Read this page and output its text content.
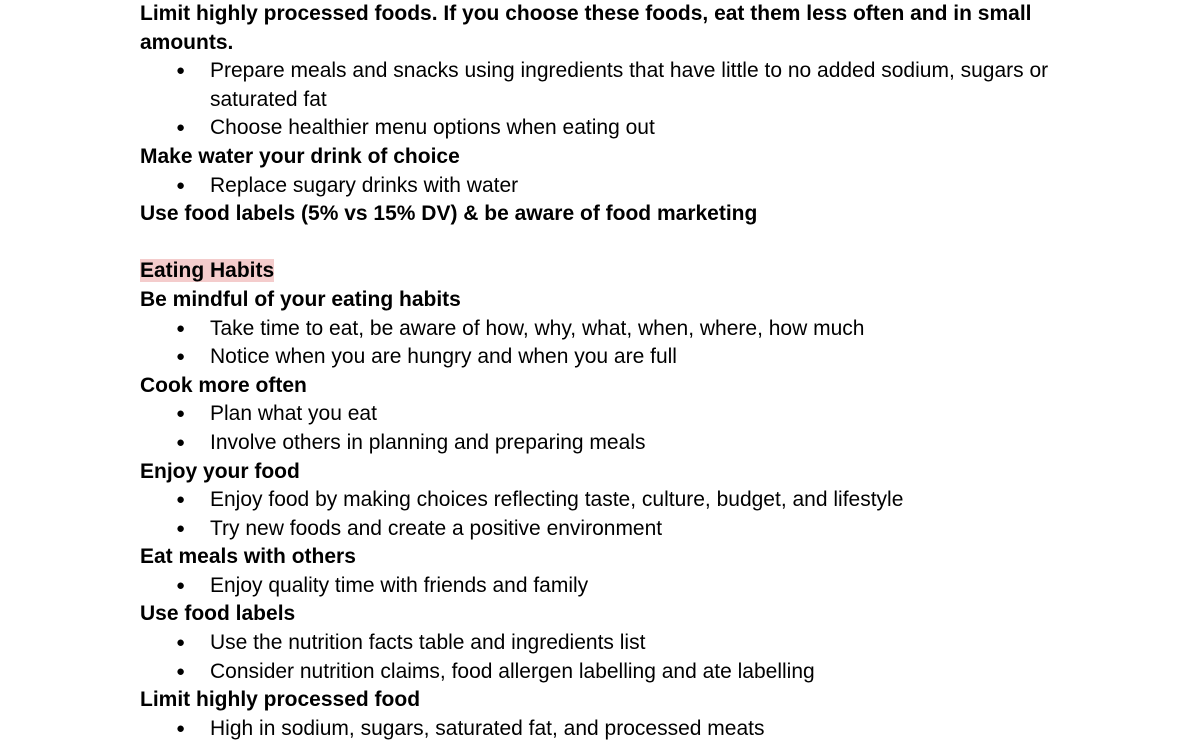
Limit highly processed foods. If you choose these foods, eat them less often and in small amounts.

● Prepare meals and snacks using ingredients that have little to no added sodium, sugars or saturated fat
● Choose healthier menu options when eating out

Make water your drink of choice

● Replace sugary drinks with water

Use food labels (5% vs 15% DV) & be aware of food marketing

Eating Habits

Be mindful of your eating habits

● Take time to eat, be aware of how, why, what, when, where, how much
● Notice when you are hungry and when you are full

Cook more often

● Plan what you eat
● Involve others in planning and preparing meals

Enjoy your food

● Enjoy food by making choices reflecting taste, culture, budget, and lifestyle
● Try new foods and create a positive environment

Eat meals with others

● Enjoy quality time with friends and family

Use food labels

● Use the nutrition facts table and ingredients list
● Consider nutrition claims, food allergen labelling and ate labelling

Limit highly processed food

● High in sodium, sugars, saturated fat, and processed meats
